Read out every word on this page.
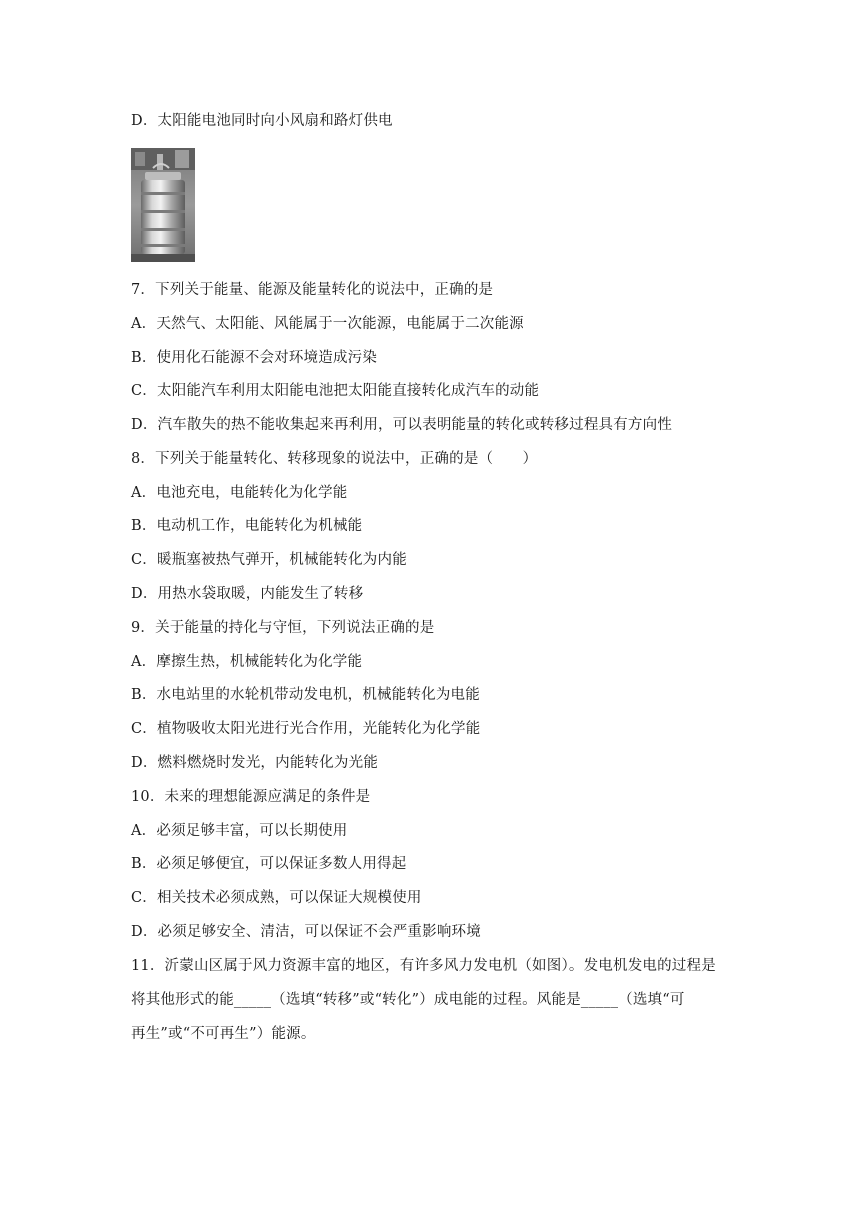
D．太阳能电池同时向小风扇和路灯供电
7．下列关于能量、能源及能量转化的说法中，正确的是
A．天然气、太阳能、风能属于一次能源，电能属于二次能源
B．使用化石能源不会对环境造成污染
C．太阳能汽车利用太阳能电池把太阳能直接转化成汽车的动能
D．汽车散失的热不能收集起来再利用，可以表明能量的转化或转移过程具有方向性
8．下列关于能量转化、转移现象的说法中，正确的是（　　）
A．电池充电，电能转化为化学能
B．电动机工作，电能转化为机械能
C．暖瓶塞被热气弹开，机械能转化为内能
D．用热水袋取暖，内能发生了转移
9．关于能量的持化与守恒，下列说法正确的是
A．摩擦生热，机械能转化为化学能
B．水电站里的水轮机带动发电机，机械能转化为电能
C．植物吸收太阳光进行光合作用，光能转化为化学能
D．燃料燃烧时发光，内能转化为光能
10．未来的理想能源应满足的条件是
A．必须足够丰富，可以长期使用
B．必须足够便宜，可以保证多数人用得起
C．相关技术必须成熟，可以保证大规模使用
D．必须足够安全、清洁，可以保证不会严重影响环境
11．沂蒙山区属于风力资源丰富的地区，有许多风力发电机（如图）。发电机发电的过程是
将其他形式的能_____（选填“转移”或“转化”）成电能的过程。风能是_____（选填“可
再生”或“不可再生”）能源。
